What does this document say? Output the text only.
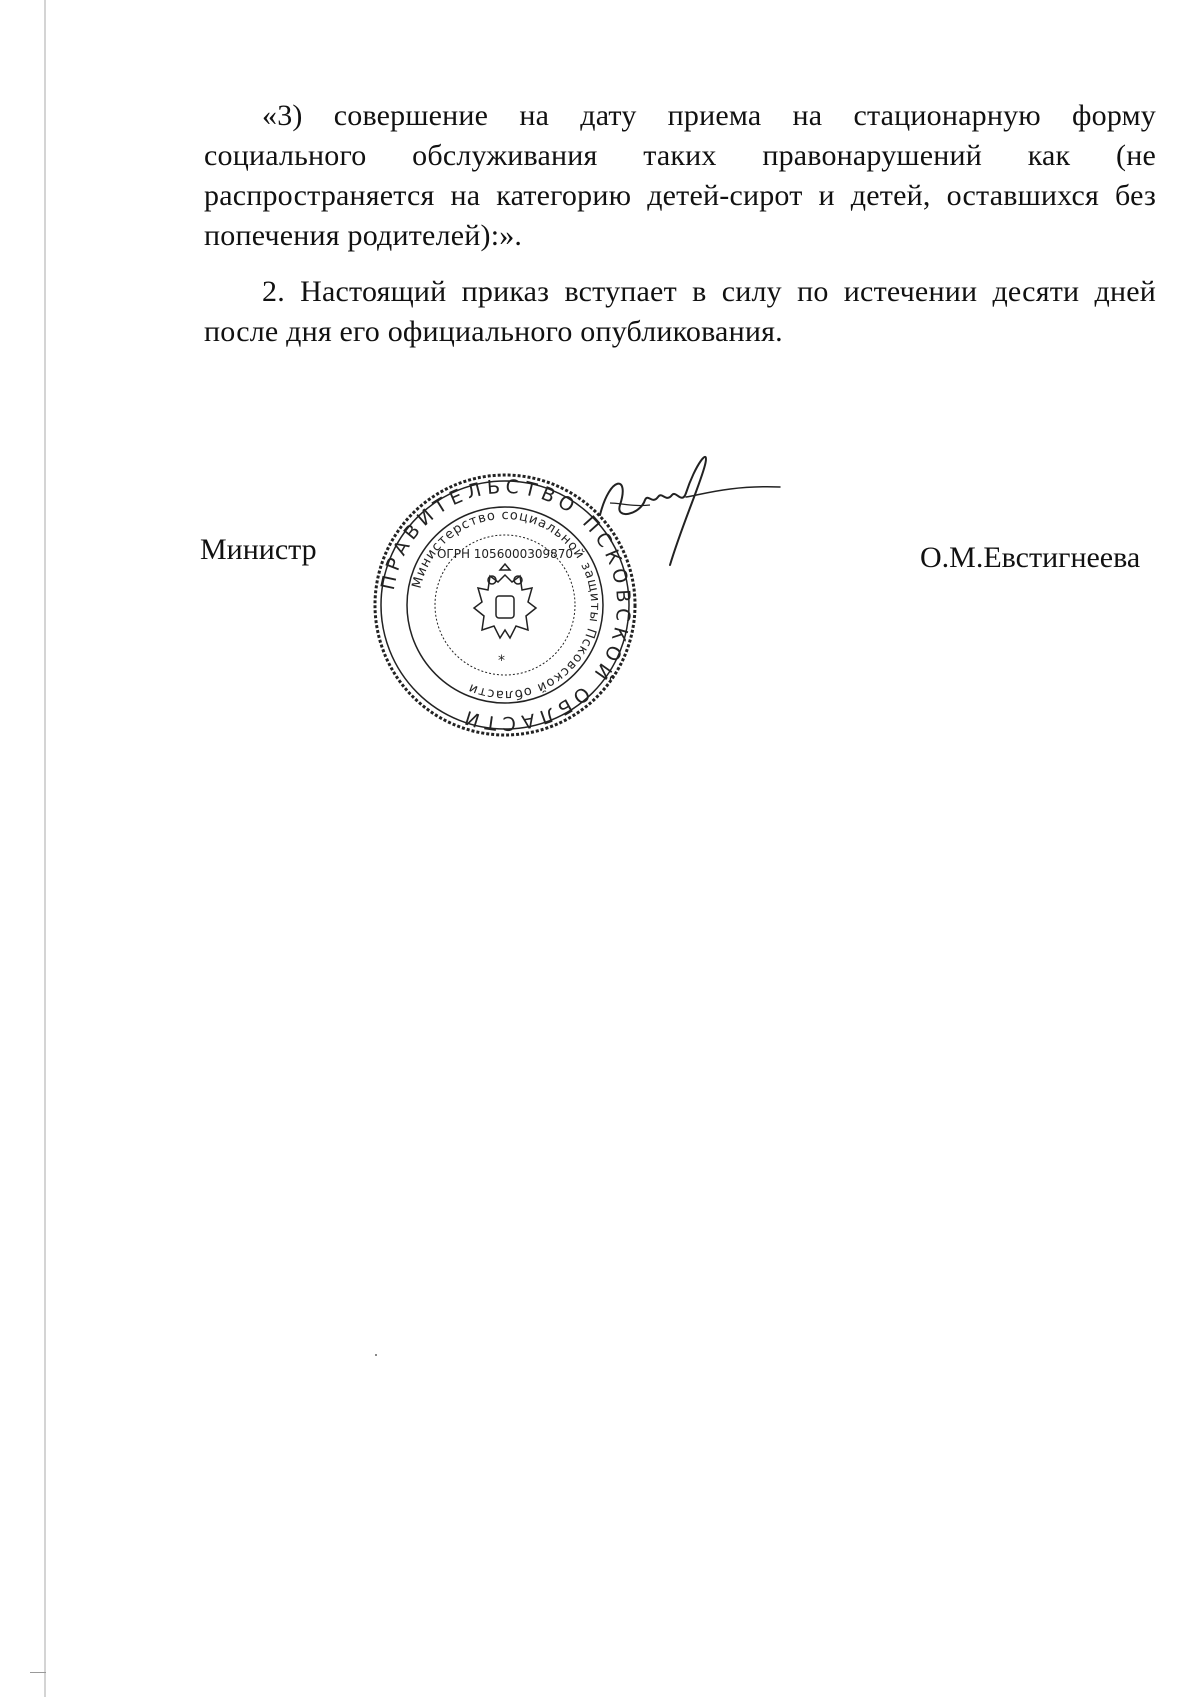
«3) совершение на дату приема на стационарную форму социального обслуживания таких правонарушений как (не распространяется на категорию детей-сирот и детей, оставшихся без попечения родителей):».

2. Настоящий приказ вступает в силу по истечении десяти дней после дня его официального опубликования.

Министр

ПРАВИТЕЛЬСТВО ПСКОВСКОЙ ОБЛАСТИ
Министерство социальной защиты Псковской области
ОГРН 1056000309870
*

О.М.Евстигнеева
